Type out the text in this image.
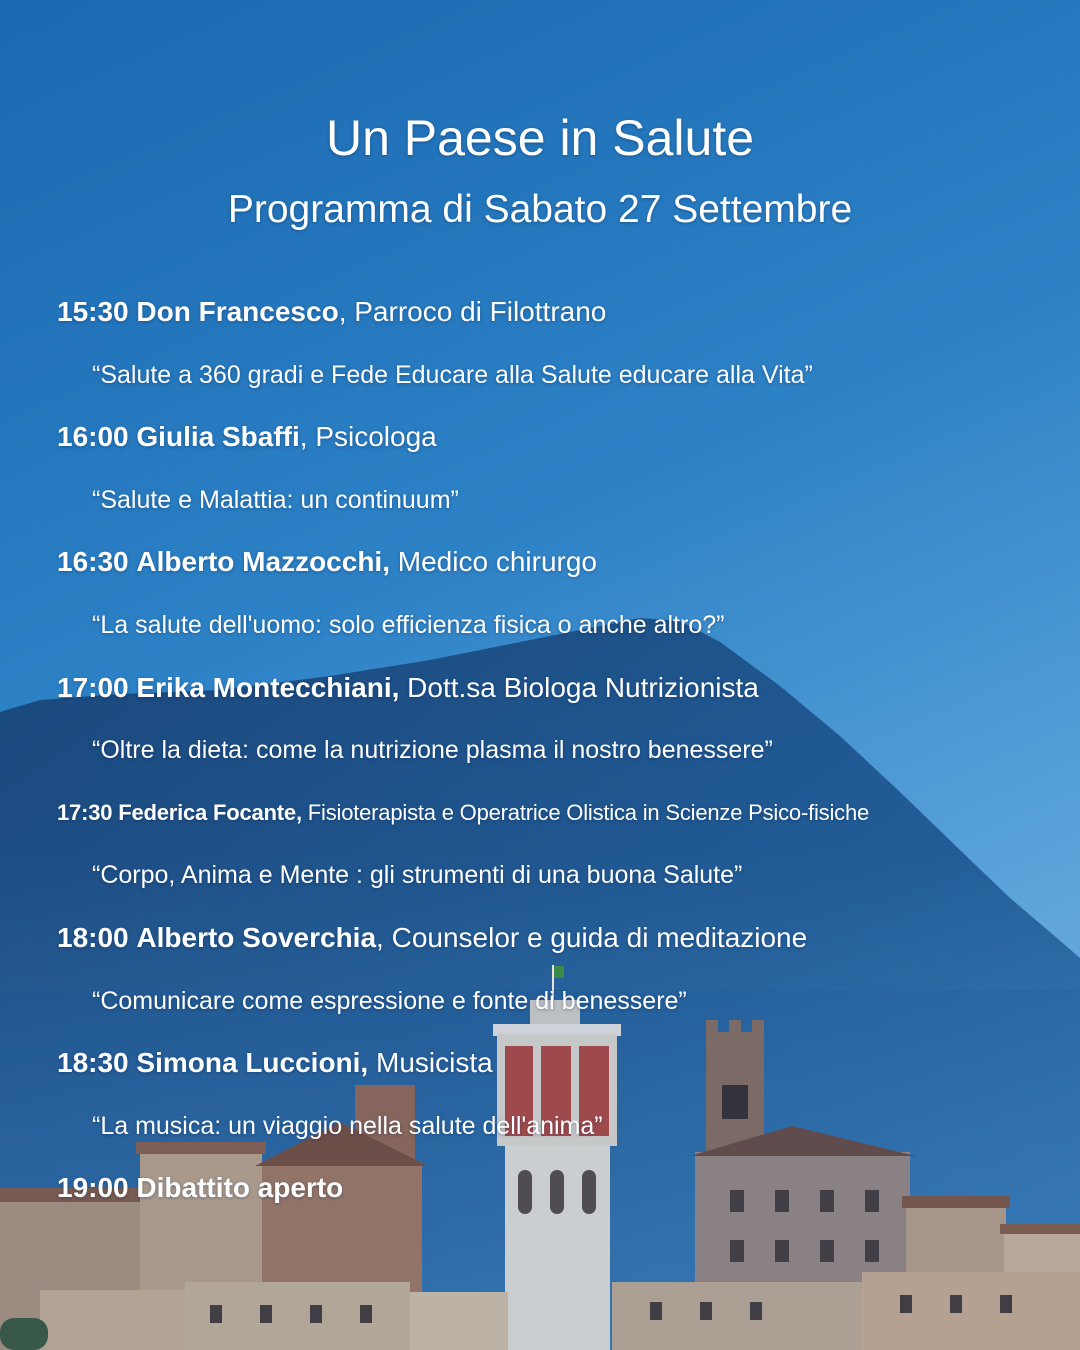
Un Paese in Salute
Programma di Sabato 27 Settembre
15:30 Don Francesco, Parroco di Filottrano
“Salute a 360 gradi e Fede Educare alla Salute educare alla Vita”
16:00 Giulia Sbaffi, Psicologa
“Salute e Malattia: un continuum”
16:30 Alberto Mazzocchi, Medico chirurgo
“La salute dell'uomo: solo efficienza fisica o anche altro?”
17:00 Erika Montecchiani, Dott.sa Biologa Nutrizionista
“Oltre la dieta: come la nutrizione plasma il nostro benessere”
17:30 Federica Focante, Fisioterapista e Operatrice Olistica in Scienze Psico-fisiche
“Corpo, Anima e Mente : gli strumenti di una buona Salute”
18:00 Alberto Soverchia, Counselor e guida di meditazione
“Comunicare come espressione e fonte di benessere”
18:30 Simona Luccioni, Musicista
“La musica: un viaggio nella salute dell'anima”
19:00 Dibattito aperto
